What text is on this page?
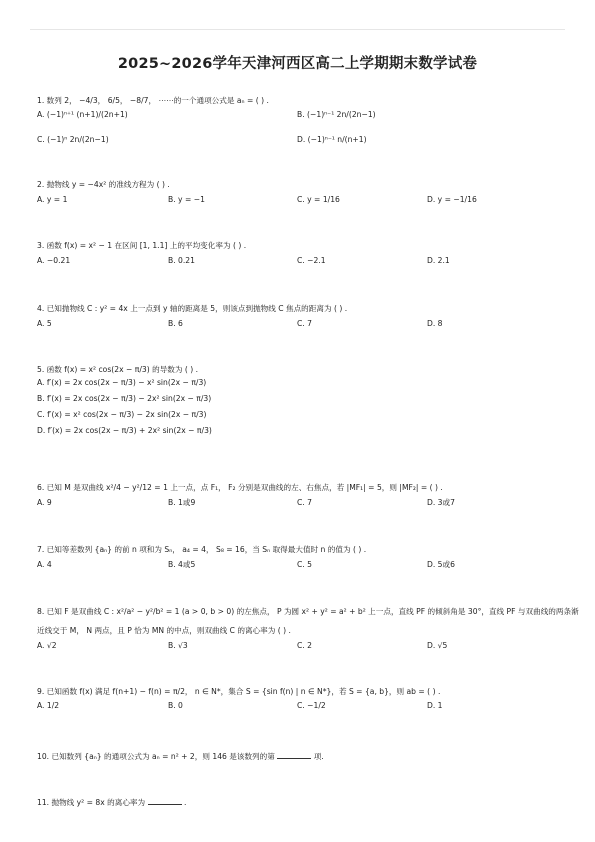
2025~2026学年天津河西区高二上学期期末数学试卷
1. 数列 2， −4/3， 6/5， −8/7， ⋯⋯的一个通项公式是 aₙ = ( ) .
A. (−1)ⁿ⁺¹ (n+1)/(2n+1)	B. (−1)ⁿ⁻¹ 2n/(2n−1)
C. (−1)ⁿ 2n/(2n−1)	D. (−1)ⁿ⁻¹ n/(n+1)
2. 抛物线 y = −4x² 的准线方程为 ( ) .
A. y = 1	B. y = −1	C. y = 1/16	D. y = −1/16
3. 函数 f(x) = x² − 1 在区间 [1, 1.1] 上的平均变化率为 ( ) .
A. −0.21	B. 0.21	C. −2.1	D. 2.1
4. 已知抛物线 C : y² = 4x 上一点到 y 轴的距离是 5，则该点到抛物线 C 焦点的距离为 ( ) .
A. 5	B. 6	C. 7	D. 8
5. 函数 f(x) = x² cos(2x − π/3) 的导数为 ( ) .
A. f′(x) = 2x cos(2x − π/3) − x² sin(2x − π/3)
B. f′(x) = 2x cos(2x − π/3) − 2x² sin(2x − π/3)
C. f′(x) = x² cos(2x − π/3) − 2x sin(2x − π/3)
D. f′(x) = 2x cos(2x − π/3) + 2x² sin(2x − π/3)
6. 已知 M 是双曲线 x²/4 − y²/12 = 1 上一点，点 F₁， F₂ 分别是双曲线的左、右焦点，若 |MF₁| = 5，则 |MF₂| = ( ) .
A. 9	B. 1或9	C. 7	D. 3或7
7. 已知等差数列 {aₙ} 的前 n 项和为 Sₙ， a₄ = 4， S₈ = 16，当 Sₙ 取得最大值时 n 的值为 ( ) .
A. 4	B. 4或5	C. 5	D. 5或6
8. 已知 F 是双曲线 C : x²/a² − y²/b² = 1 (a > 0, b > 0) 的左焦点， P 为圆 x² + y² = a² + b² 上一点，直线 PF 的倾斜角是 30°，直线 PF 与双曲线的两条渐
近线交于 M， N 两点，且 P 恰为 MN 的中点，则双曲线 C 的离心率为 ( ) .
A. √2	B. √3	C. 2	D. √5
9. 已知函数 f(x) 满足 f(n+1) − f(n) = π/2， n ∈ N*，集合 S = {sin f(n) | n ∈ N*}，若 S = {a, b}，则 ab = ( ) .
A. 1/2	B. 0	C. −1/2	D. 1
10. 已知数列 {aₙ} 的通项公式为 aₙ = n² + 2，则 146 是该数列的第	项.
11. 抛物线 y² = 8x 的离心率为	.
